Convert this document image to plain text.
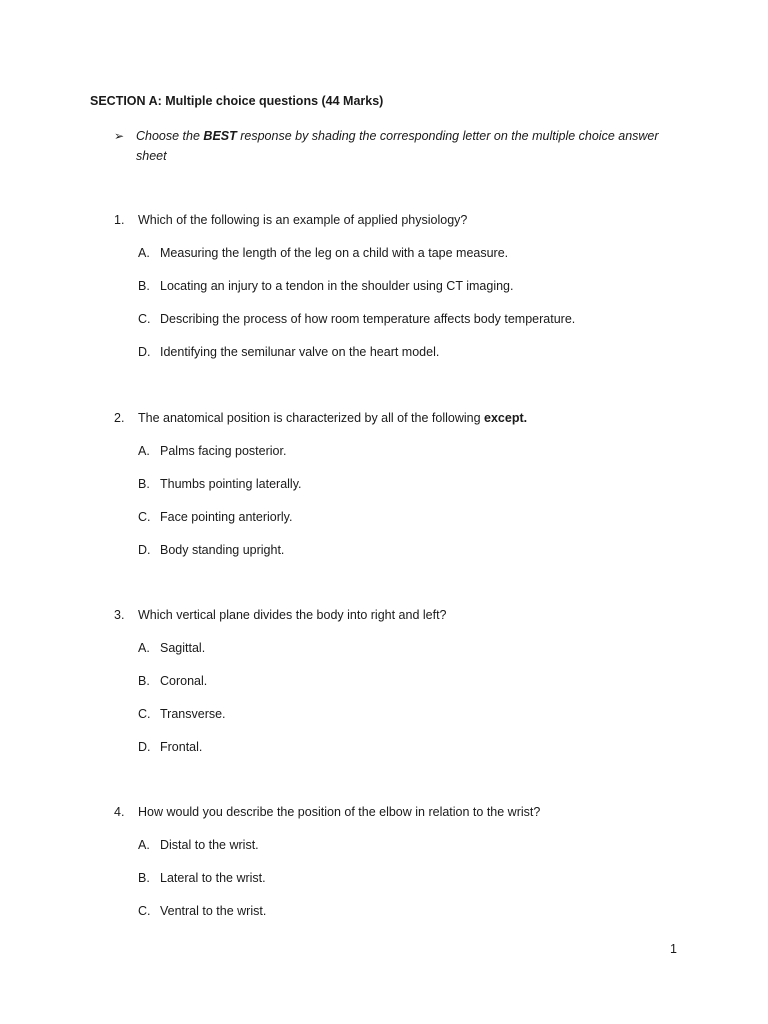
SECTION A: Multiple choice questions (44 Marks)
➢ Choose the BEST response by shading the corresponding letter on the multiple choice answer sheet
1. Which of the following is an example of applied physiology?
A. Measuring the length of the leg on a child with a tape measure.
B. Locating an injury to a tendon in the shoulder using CT imaging.
C. Describing the process of how room temperature affects body temperature.
D. Identifying the semilunar valve on the heart model.
2. The anatomical position is characterized by all of the following except.
A. Palms facing posterior.
B. Thumbs pointing laterally.
C. Face pointing anteriorly.
D. Body standing upright.
3. Which vertical plane divides the body into right and left?
A. Sagittal.
B. Coronal.
C. Transverse.
D. Frontal.
4. How would you describe the position of the elbow in relation to the wrist?
A. Distal to the wrist.
B. Lateral to the wrist.
C. Ventral to the wrist.
1
